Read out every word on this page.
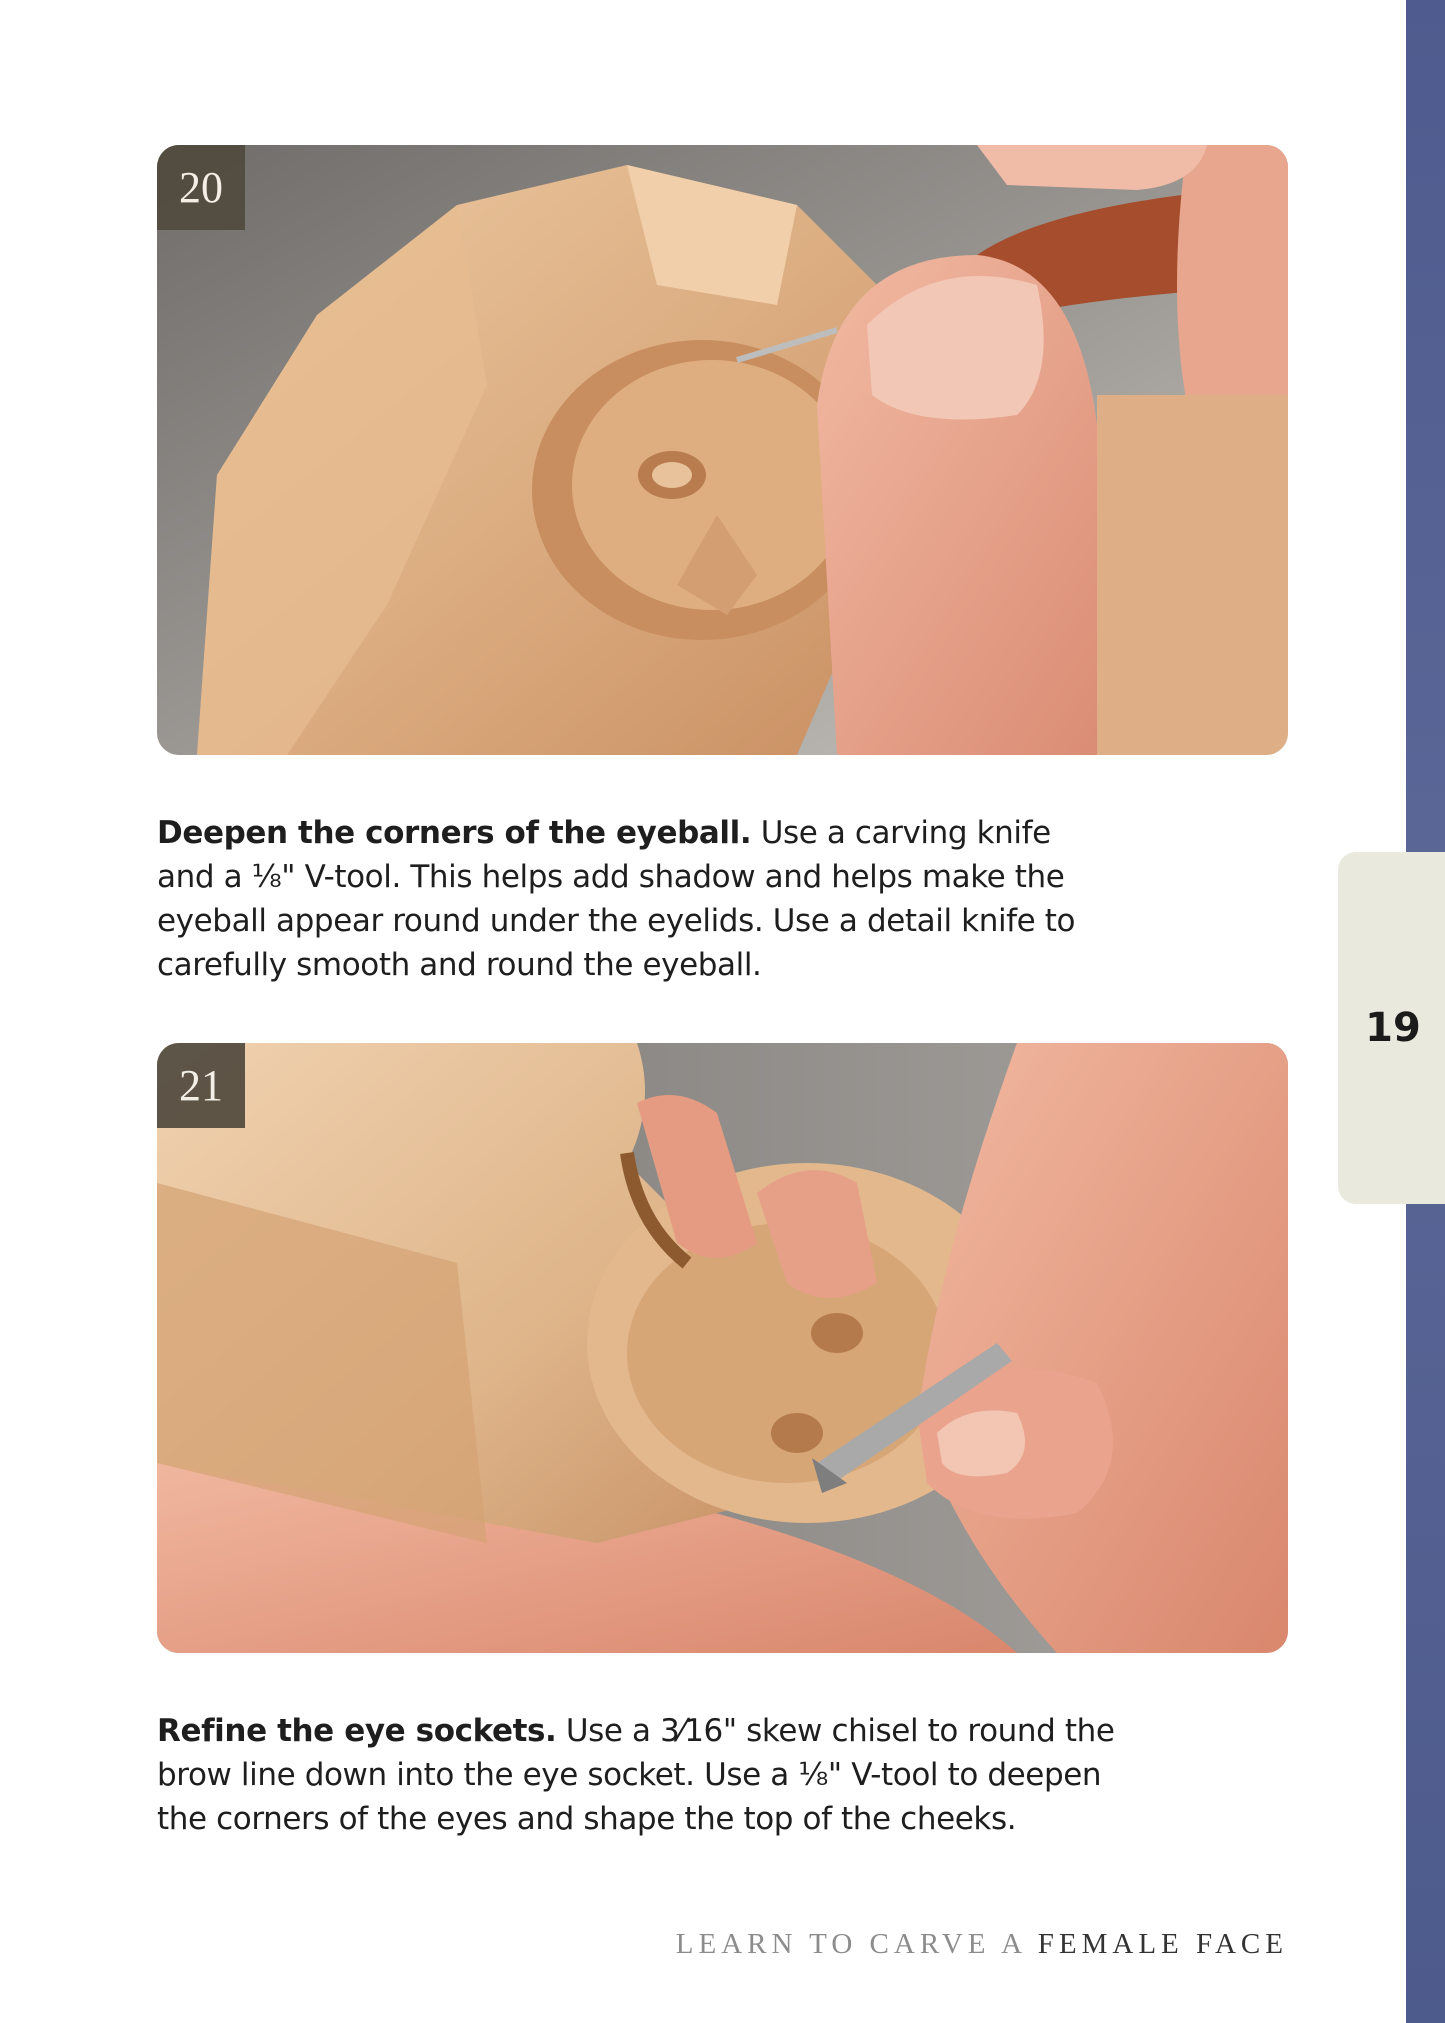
19
20

Deepen the corners of the eyeball. Use a carving knife and a ⅛" V-tool. This helps add shadow and helps make the eyeball appear round under the eyelids. Use a detail knife to carefully smooth and round the eyeball.

21

Refine the eye sockets. Use a 3⁄16" skew chisel to round the brow line down into the eye socket. Use a ⅛" V-tool to deepen the corners of the eyes and shape the top of the cheeks.

LEARN TO CARVE A FEMALE FACE
